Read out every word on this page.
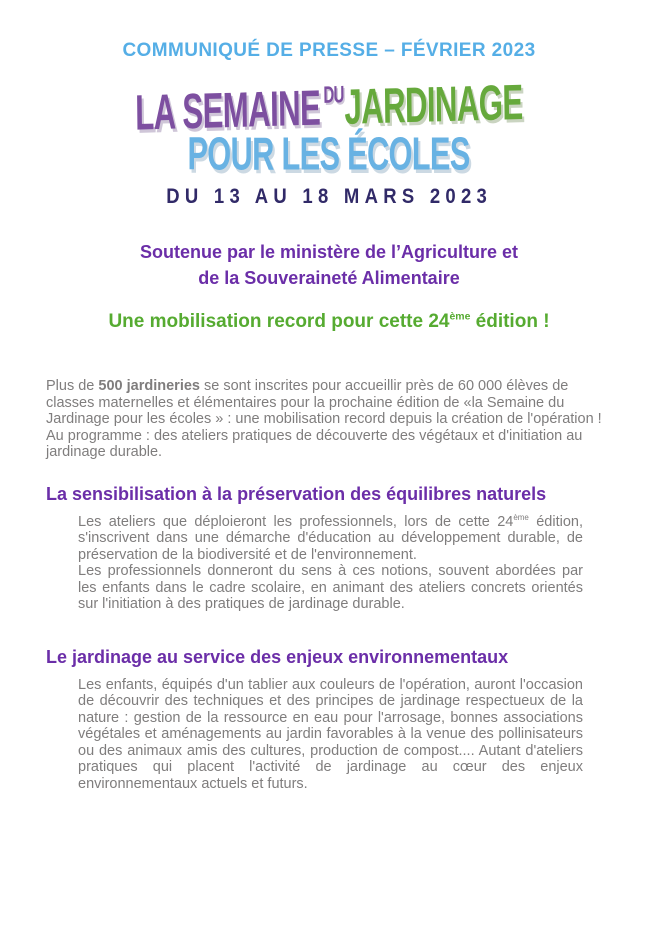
COMMUNIQUÉ DE PRESSE – FÉVRIER 2023
LA SEMAINE DUJARDINAGE
POUR LES ÉCOLES
DU 13 AU 18 MARS 2023
Soutenue par le ministère de l’Agriculture et
de la Souveraineté Alimentaire
Une mobilisation record pour cette 24ème édition !

Plus de 500 jardineries se sont inscrites pour accueillir près de 60 000 élèves de classes maternelles et élémentaires pour la prochaine édition de «la Semaine du Jardinage pour les écoles » : une mobilisation record depuis la création de l'opération ! Au programme : des ateliers pratiques de découverte des végétaux et d'initiation au jardinage durable.

La sensibilisation à la préservation des équilibres naturels

Les ateliers que déploieront les professionnels, lors de cette 24ème édition, s'inscrivent dans une démarche d'éducation au développement durable, de préservation de la biodiversité et de l'environnement.
Les professionnels donneront du sens à ces notions, souvent abordées par les enfants dans le cadre scolaire, en animant des ateliers concrets orientés sur l'initiation à des pratiques de jardinage durable.

Le jardinage au service des enjeux environnementaux

Les enfants, équipés d'un tablier aux couleurs de l'opération, auront l'occasion de découvrir des techniques et des principes de jardinage respectueux de la nature : gestion de la ressource en eau pour l'arrosage, bonnes associations végétales et aménagements au jardin favorables à la venue des pollinisateurs ou des animaux amis des cultures, production de compost.... Autant d'ateliers pratiques qui placent l'activité de jardinage au cœur des enjeux environnementaux actuels et futurs.
